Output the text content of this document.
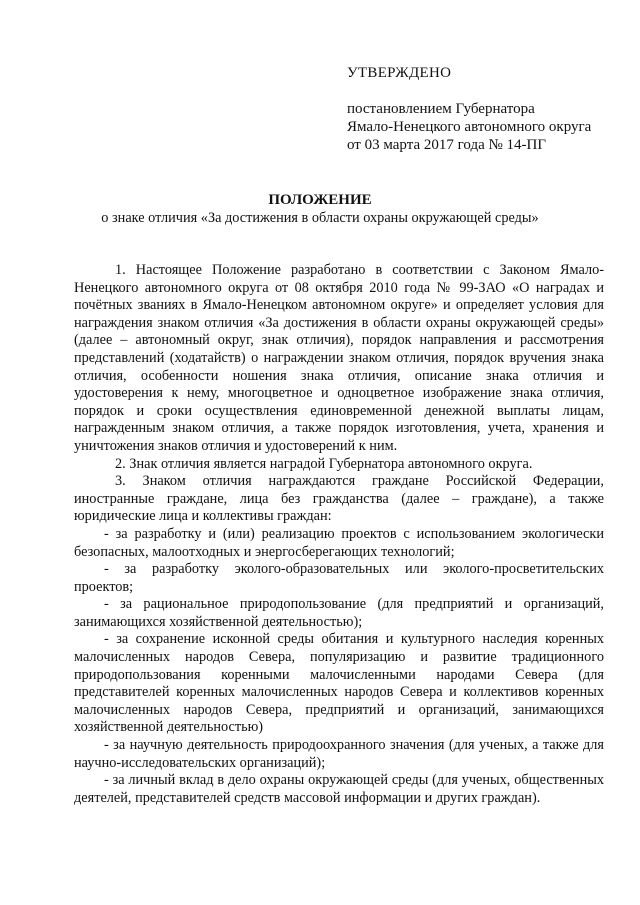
УТВЕРЖДЕНО
постановлением Губернатора
Ямало-Ненецкого автономного округа
от 03 марта 2017 года № 14-ПГ
ПОЛОЖЕНИЕ
о знаке отличия «За достижения в области охраны окружающей среды»

1. Настоящее Положение разработано в соответствии с Законом Ямало-Ненецкого автономного округа от 08 октября 2010 года № 99-ЗАО «О наградах и почётных званиях в Ямало-Ненецком автономном округе» и определяет условия для награждения знаком отличия «За достижения в области охраны окружающей среды» (далее – автономный округ, знак отличия), порядок направления и рассмотрения представлений (ходатайств) о награждении знаком отличия, порядок вручения знака отличия, особенности ношения знака отличия, описание знака отличия и удостоверения к нему, многоцветное и одноцветное изображение знака отличия, порядок и сроки осуществления единовременной денежной выплаты лицам, награжденным знаком отличия, а также порядок изготовления, учета, хранения и уничтожения знаков отличия и удостоверений к ним.

2. Знак отличия является наградой Губернатора автономного округа.

3. Знаком отличия награждаются граждане Российской Федерации, иностранные граждане, лица без гражданства (далее – граждане), а также юридические лица и коллективы граждан:

- за разработку и (или) реализацию проектов с использованием экологически безопасных, малоотходных и энергосберегающих технологий;

- за разработку эколого-образовательных или эколого-просветительских проектов;

- за рациональное природопользование (для предприятий и организаций, занимающихся хозяйственной деятельностью);

- за сохранение исконной среды обитания и культурного наследия коренных малочисленных народов Севера, популяризацию и развитие традиционного природопользования коренными малочисленными народами Севера (для представителей коренных малочисленных народов Севера и коллективов коренных малочисленных народов Севера, предприятий и организаций, занимающихся хозяйственной деятельностью)

- за научную деятельность природоохранного значения (для ученых, а также для научно-исследовательских организаций);

- за личный вклад в дело охраны окружающей среды (для ученых, общественных деятелей, представителей средств массовой информации и других граждан).
